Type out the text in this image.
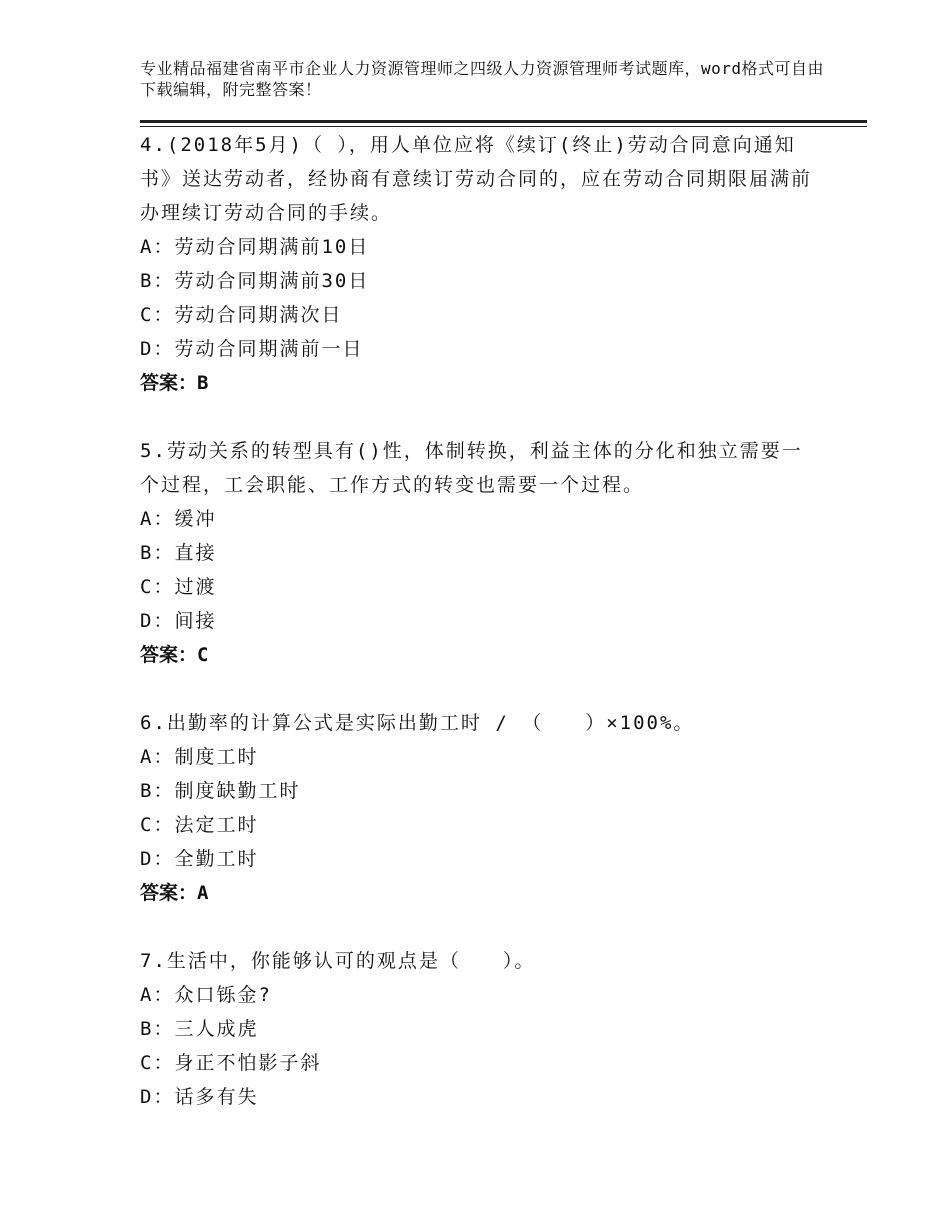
专业精品福建省南平市企业人力资源管理师之四级人力资源管理师考试题库，word格式可自由下载编辑，附完整答案！

4.(2018年5月)（ ），用人单位应将《续订(终止)劳动合同意向通知书》送达劳动者，经协商有意续订劳动合同的，应在劳动合同期限届满前办理续订劳动合同的手续。

A：劳动合同期满前10日

B：劳动合同期满前30日

C：劳动合同期满次日

D：劳动合同期满前一日

答案：B

5.劳动关系的转型具有()性，体制转换，利益主体的分化和独立需要一个过程，工会职能、工作方式的转变也需要一个过程。

A：缓冲

B：直接

C：过渡

D：间接

答案：C

6.出勤率的计算公式是实际出勤工时 / （　　）×100%。

A：制度工时

B：制度缺勤工时

C：法定工时

D：全勤工时

答案：A

7.生活中，你能够认可的观点是（　　）。

A：众口铄金?

B：三人成虎

C：身正不怕影子斜

D：话多有失
